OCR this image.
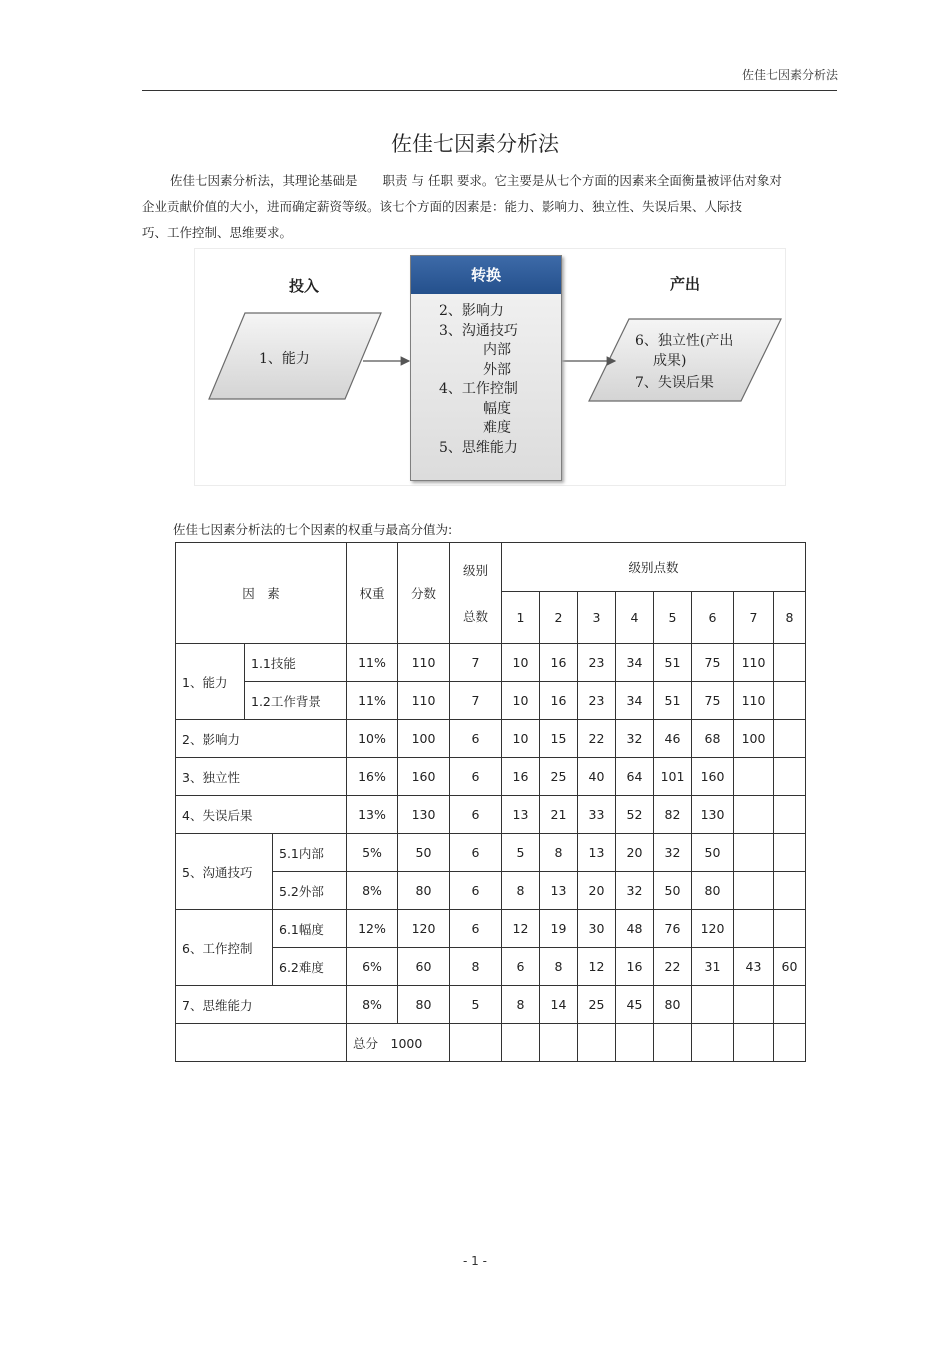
佐佳七因素分析法
佐佳七因素分析法

佐佳七因素分析法，其理论基础是　　职责 与 任职 要求。它主要是从七个方面的因素来全面衡量被评估对象对

企业贡献价值的大小，进而确定薪资等级。该七个方面的因素是：能力、影响力、独立性、失误后果、人际技
巧、工作控制、思维要求。
投入	产出
1、能力
转换
2、影响力
3、沟通技巧
内部
外部
4、工作控制
幅度
难度
5、思维能力
6、独立性(产出
成果)
7、失误后果
佐佳七因素分析法的七个因素的权重与最高分值为:
因　素			权重	分数	级别
总数	级别点数							
						1	2	3	4	5	6	7	8
1、能力	1.1技能		11%	110	7	10	16	23	34	51	75	110	
	1.2工作背景		11%	110	7	10	16	23	34	51	75	110	
2、影响力			10%	100	6	10	15	22	32	46	68	100	
3、独立性			16%	160	6	16	25	40	64	101	160		
4、失误后果			13%	130	6	13	21	33	52	82	130		
5、沟通技巧		5.1内部	5%	50	6	5	8	13	20	32	50		
		5.2外部	8%	80	6	8	13	20	32	50	80		
6、工作控制		6.1幅度	12%	120	6	12	19	30	48	76	120		
		6.2难度	6%	60	8	6	8	12	16	22	31	43	60
7、思维能力			8%	80	5	8	14	25	45	80			
			总分　1000										
- 1 -
